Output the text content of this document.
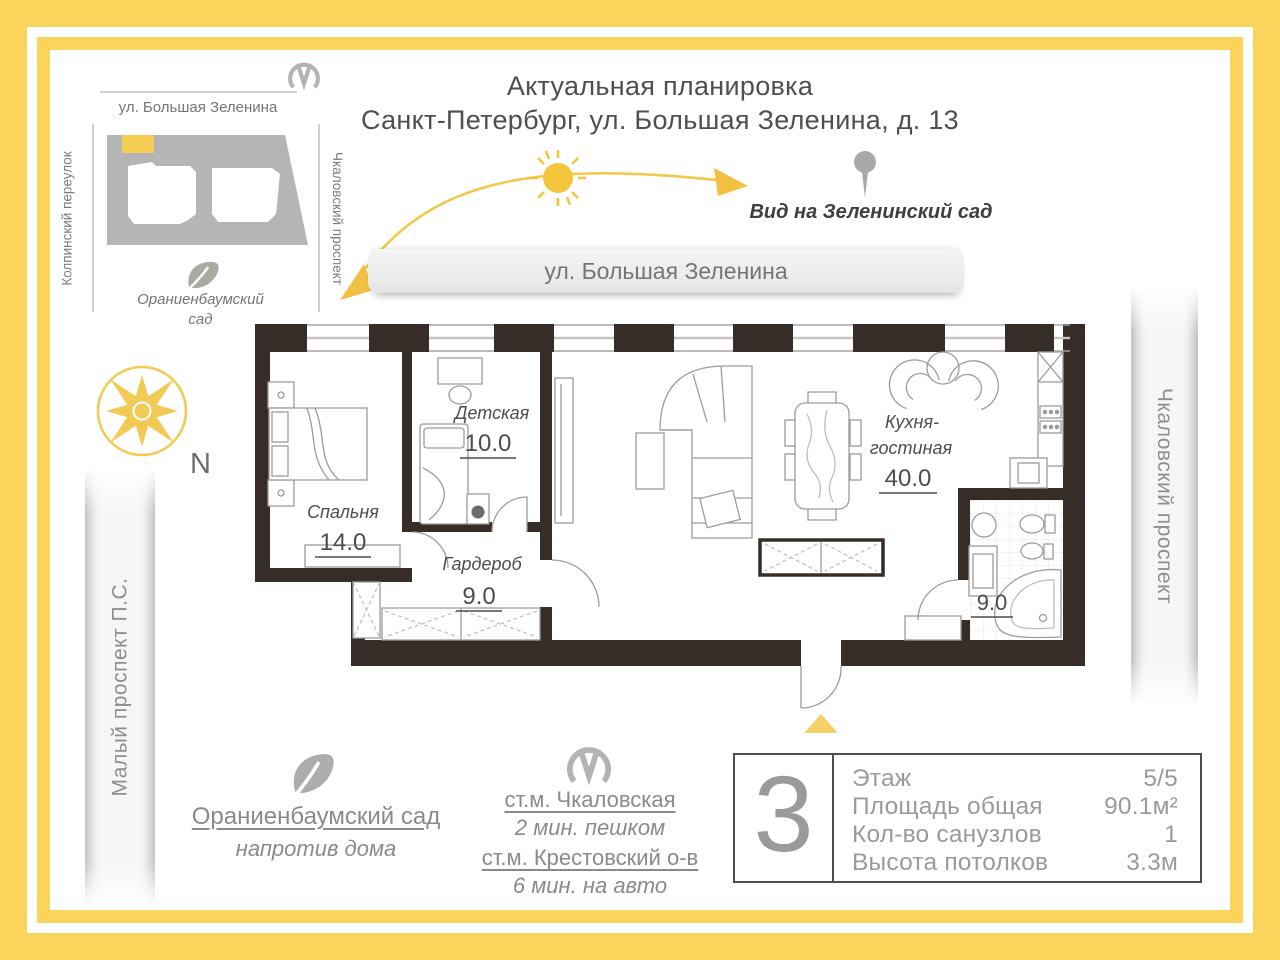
Актуальная планировка
Санкт-Петербург, ул. Большая Зеленина, д. 13
ул. Большая Зеленина
Колпинский переулок	Чкаловский проспект
Ораниенбаумский
сад
Вид на Зеленинский сад
ул. Большая Зеленина
Малый проспект П.С.
Чкаловский проспект
N
Спальня
14.0
Детская
10.0
Гардероб
9.0
Кухня-
гостиная
40.0
9.0
Ораниенбаумский сад
напротив дома
ст.м. Чкаловская
2 мин. пешком
ст.м. Крестовский о-в
6 мин. на авто
3 Этаж	5/5
Площадь общая	90.1м²
Кол-во санузлов	1
Высота потолков	3.3м
